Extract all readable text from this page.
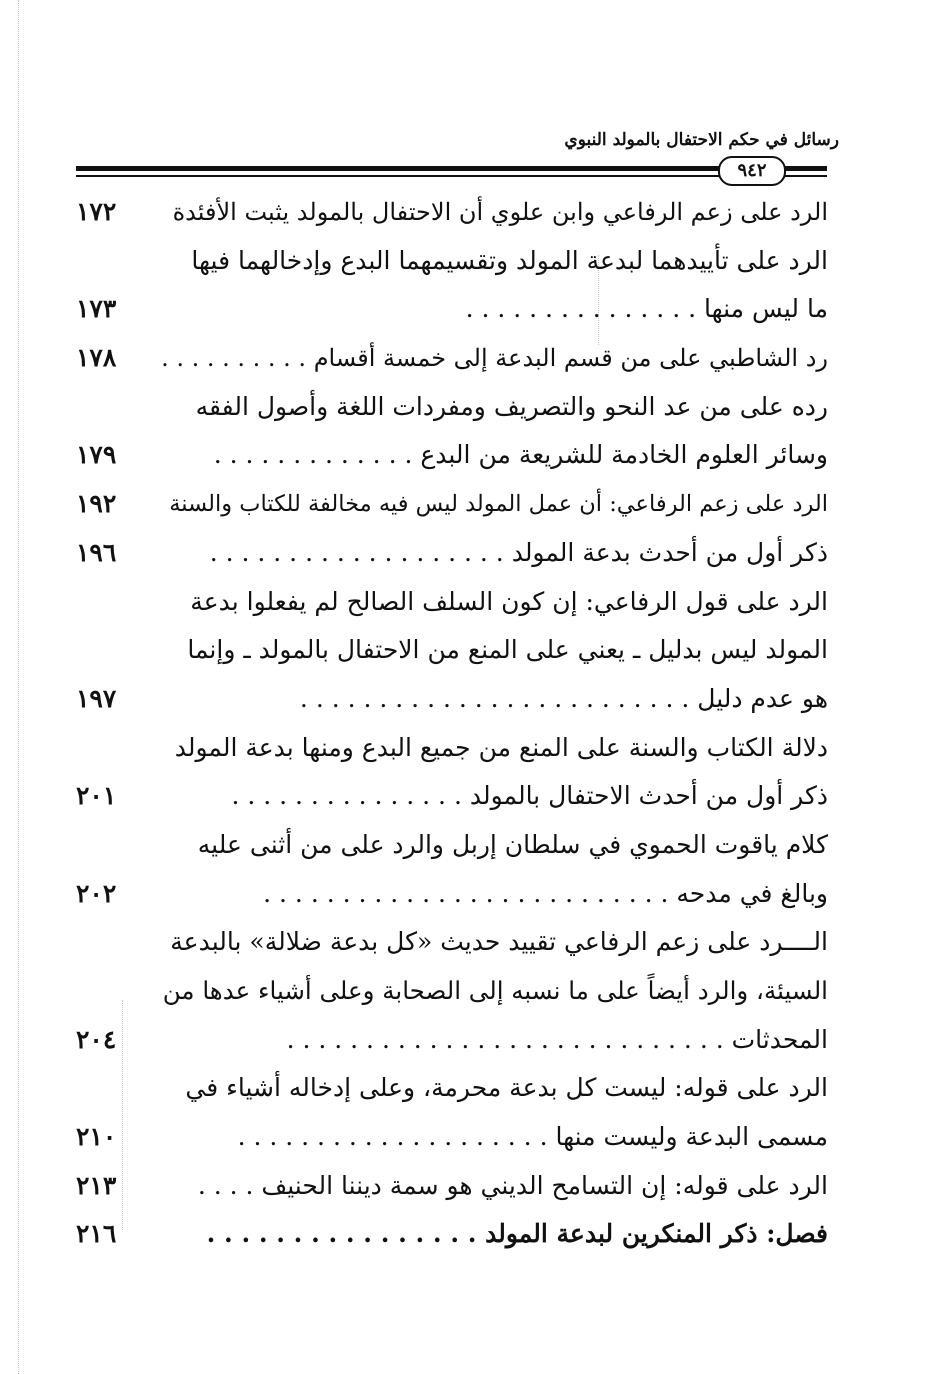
رسائل في حكم الاحتفال بالمولد النبوي
٩٤٢
الرد على زعم الرفاعي وابن علوي أن الاحتفال بالمولد يثبت الأفئدة
١٧٢
الرد على تأييدهما لبدعة المولد وتقسيمهما البدع وإدخالهما فيها
ما ليس منها . . . . . . . . . . . . . . .
١٧٣
رد الشاطبي على من قسم البدعة إلى خمسة أقسام . . . . . . . . . .
١٧٨
رده على من عد النحو والتصريف ومفردات اللغة وأصول الفقه
وسائر العلوم الخادمة للشريعة من البدع . . . . . . . . . . . . .
١٧٩
الرد على زعم الرفاعي: أن عمل المولد ليس فيه مخالفة للكتاب والسنة
١٩٢
ذكر أول من أحدث بدعة المولد . . . . . . . . . . . . . . . . . . .
١٩٦
الرد على قول الرفاعي: إن كون السلف الصالح لم يفعلوا بدعة
المولد ليس بدليل ـ يعني على المنع من الاحتفال بالمولد ـ وإنما
هو عدم دليل . . . . . . . . . . . . . . . . . . . . . . . . .
١٩٧
دلالة الكتاب والسنة على المنع من جميع البدع ومنها بدعة المولد
ذكر أول من أحدث الاحتفال بالمولد . . . . . . . . . . . . . . .
٢٠١
كلام ياقوت الحموي في سلطان إربل والرد على من أثنى عليه
وبالغ في مدحه . . . . . . . . . . . . . . . . . . . . . . . . . .
٢٠٢
الــــرد على زعم الرفاعي تقييد حديث «كل بدعة ضلالة» بالبدعة
السيئة، والرد أيضاً على ما نسبه إلى الصحابة وعلى أشياء عدها من
المحدثات . . . . . . . . . . . . . . . . . . . . . . . . . . . .
٢٠٤
الرد على قوله: ليست كل بدعة محرمة، وعلى إدخاله أشياء في
مسمى البدعة وليست منها . . . . . . . . . . . . . . . . . . . .
٢١٠
الرد على قوله: إن التسامح الديني هو سمة ديننا الحنيف . . . .
٢١٣
فصل: ذكر المنكرين لبدعة المولد . . . . . . . . . . . . . . . .
٢١٦
